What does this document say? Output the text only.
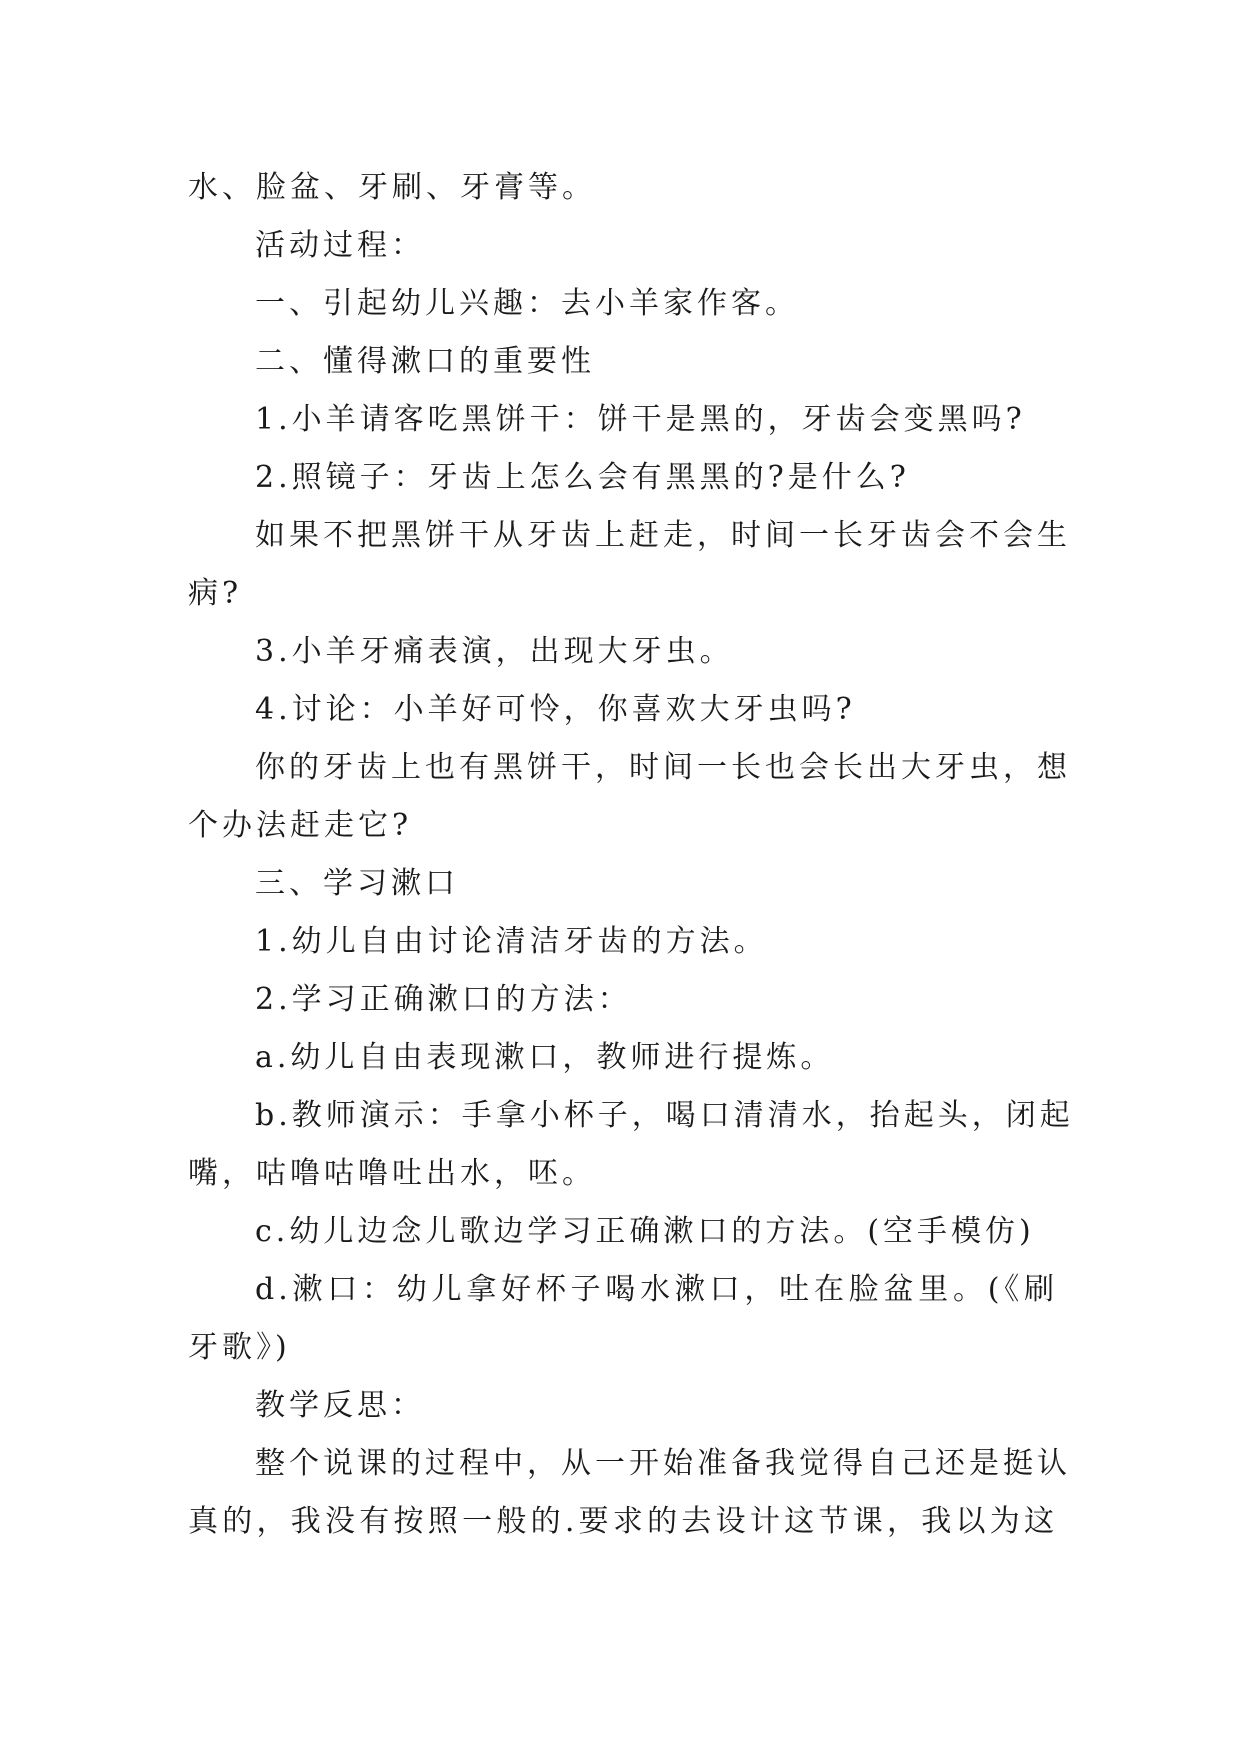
水、脸盆、牙刷、牙膏等。
活动过程：
一、引起幼儿兴趣：去小羊家作客。
二、懂得漱口的重要性
1.小羊请客吃黑饼干：饼干是黑的，牙齿会变黑吗?
2.照镜子：牙齿上怎么会有黑黑的?是什么?
如果不把黑饼干从牙齿上赶走，时间一长牙齿会不会生
病?
3.小羊牙痛表演，出现大牙虫。
4.讨论：小羊好可怜，你喜欢大牙虫吗?
你的牙齿上也有黑饼干，时间一长也会长出大牙虫，想
个办法赶走它?
三、学习漱口
1.幼儿自由讨论清洁牙齿的方法。
2.学习正确漱口的方法：
a.幼儿自由表现漱口，教师进行提炼。
b.教师演示：手拿小杯子，喝口清清水，抬起头，闭起
嘴，咕噜咕噜吐出水，呸。
c.幼儿边念儿歌边学习正确漱口的方法。(空手模仿)
d.漱口：幼儿拿好杯子喝水漱口，吐在脸盆里。(《刷
牙歌》)
教学反思：
整个说课的过程中，从一开始准备我觉得自己还是挺认
真的，我没有按照一般的.要求的去设计这节课，我以为这
